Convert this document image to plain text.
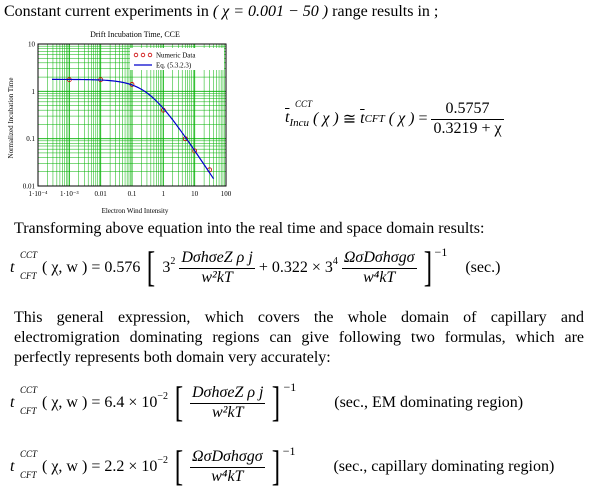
Constant current experiments in ( χ = 0.001 − 50 ) range results in ;
Drift Incubation Time, CCE
Normalized Incubation Time
Electron Wind Intensity
1·10⁻⁴ 1·10⁻³ 0.01	0.1	1	10	100
10
1
0.1
0.01
Numeric Data
Eq. (5.3.2.3)
$\overline{t}$
CCT
$_{Incu}$ ( χ ) ≅ $\overline{t}CFT$ ( χ ) = $\frac{0.5757}{0.3219 + \chi}$
Transforming above equation into the real time and space domain results:
t
CCT
CFT ( χ, w ) = 0.576 [ $3^2 \frac{\text{DσhσeZ ρ j}}{\text{w²kT}} + 0.322 \times 3^4 \frac{\text{ΩσDσhσgσ}}{\text{w⁴kT}}$ ] $^{-1}$ (sec.)
This general expression, which covers the whole domain of capillary and electromigration dominating regions can give following two formulas, which are perfectly represents both domain very accurately:
t
CCT
CFT ( χ, w ) = $6.4 \times 10^{-2}$ [ $\frac{\text{DσhσeZ ρ j}}{\text{w²kT}}$ ] $^{-1}$ (sec., EM dominating region)
t
CCT
CFT ( χ, w ) = $2.2 \times 10^{-2}$ [ $\frac{\text{ΩσDσhσgσ}}{\text{w⁴kT}}$ ] $^{-1}$ (sec., capillary dominating region)
